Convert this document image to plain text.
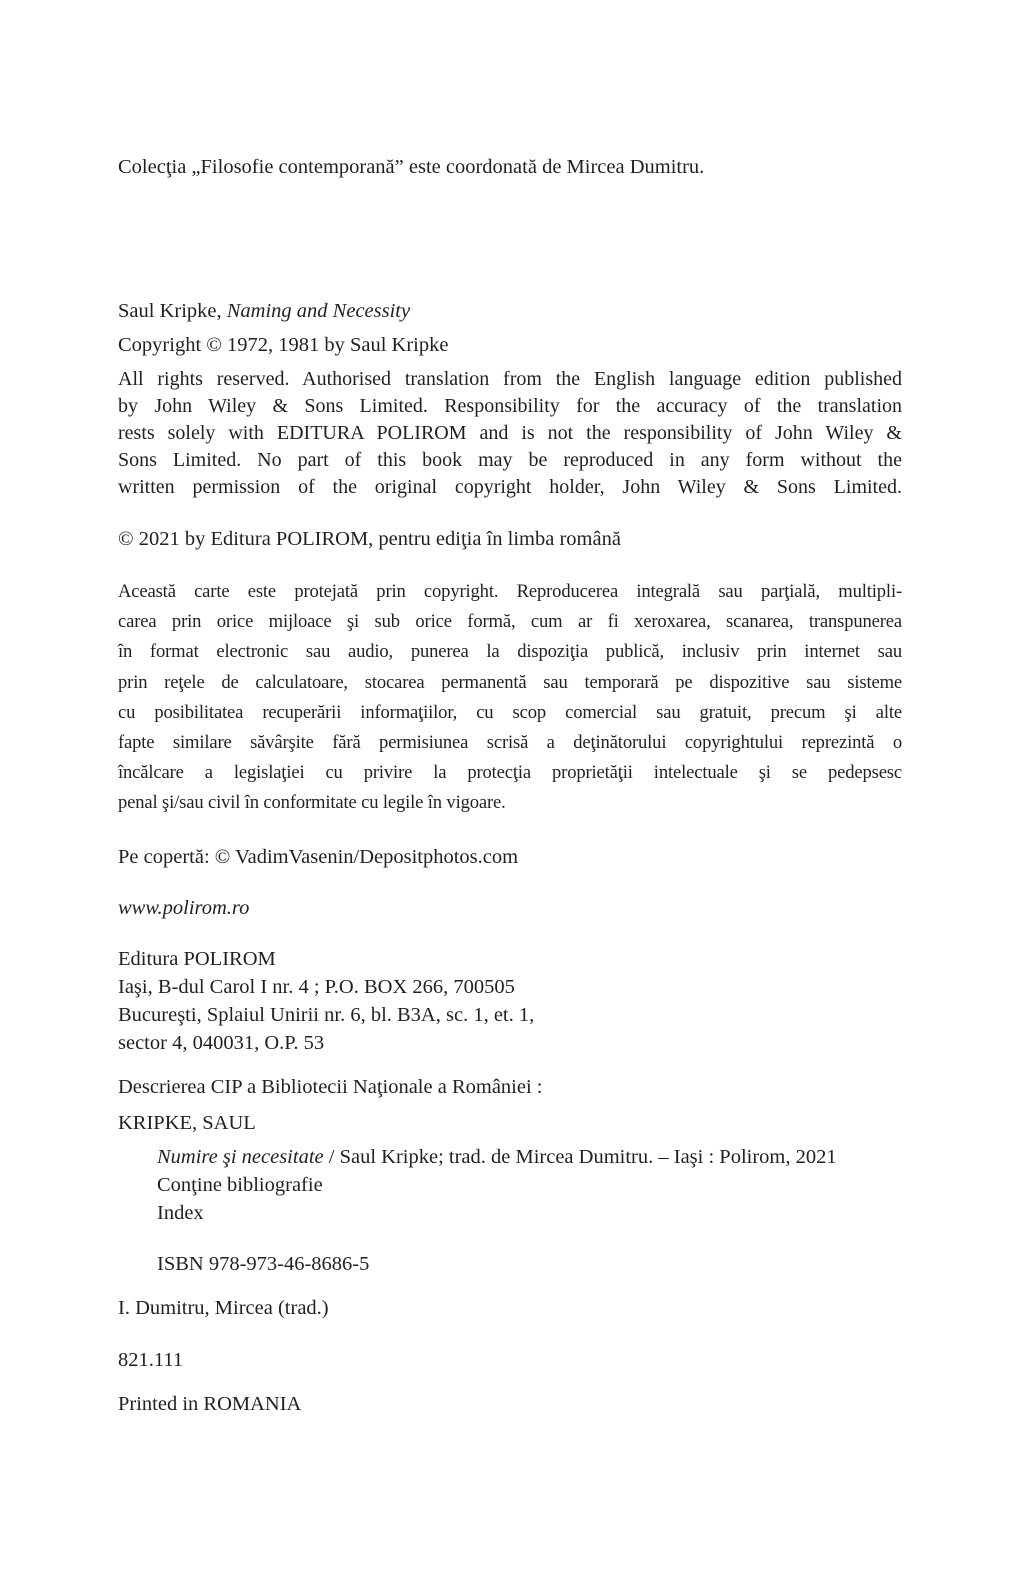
Colecţia „Filosofie contemporană” este coordonată de Mircea Dumitru.
Saul Kripke, Naming and Necessity
Copyright © 1972, 1981 by Saul Kripke
All rights reserved. Authorised translation from the English language edition published
by John Wiley & Sons Limited. Responsibility for the accuracy of the translation
rests solely with EDITURA POLIROM and is not the responsibility of John Wiley &
Sons Limited. No part of this book may be reproduced in any form without the
written permission of the original copyright holder, John Wiley & Sons Limited.
© 2021 by Editura POLIROM, pentru ediţia în limba română
Această carte este protejată prin copyright. Reproducerea integrală sau parţială, multipli-
carea prin orice mijloace şi sub orice formă, cum ar fi xeroxarea, scanarea, transpunerea
în format electronic sau audio, punerea la dispoziţia publică, inclusiv prin internet sau
prin reţele de calculatoare, stocarea permanentă sau temporară pe dispozitive sau sisteme
cu posibilitatea recuperării informaţiilor, cu scop comercial sau gratuit, precum şi alte
fapte similare săvârşite fără permisiunea scrisă a deţinătorului copyrightului reprezintă o
încălcare a legislaţiei cu privire la protecţia proprietăţii intelectuale şi se pedepsesc
penal şi/sau civil în conformitate cu legile în vigoare.
Pe copertă: © VadimVasenin/Depositphotos.com
www.polirom.ro
Editura POLIROM
Iaşi, B-dul Carol I nr. 4 ; P.O. BOX 266, 700505
Bucureşti, Splaiul Unirii nr. 6, bl. B3A, sc. 1, et. 1,
sector 4, 040031, O.P. 53
Descrierea CIP a Bibliotecii Naţionale a României :
KRIPKE, SAUL
Numire şi necesitate / Saul Kripke; trad. de Mircea Dumitru. – Iaşi : Polirom, 2021
Conţine bibliografie
Index
ISBN 978-973-46-8686-5
I. Dumitru, Mircea (trad.)
821.111
Printed in ROMANIA
